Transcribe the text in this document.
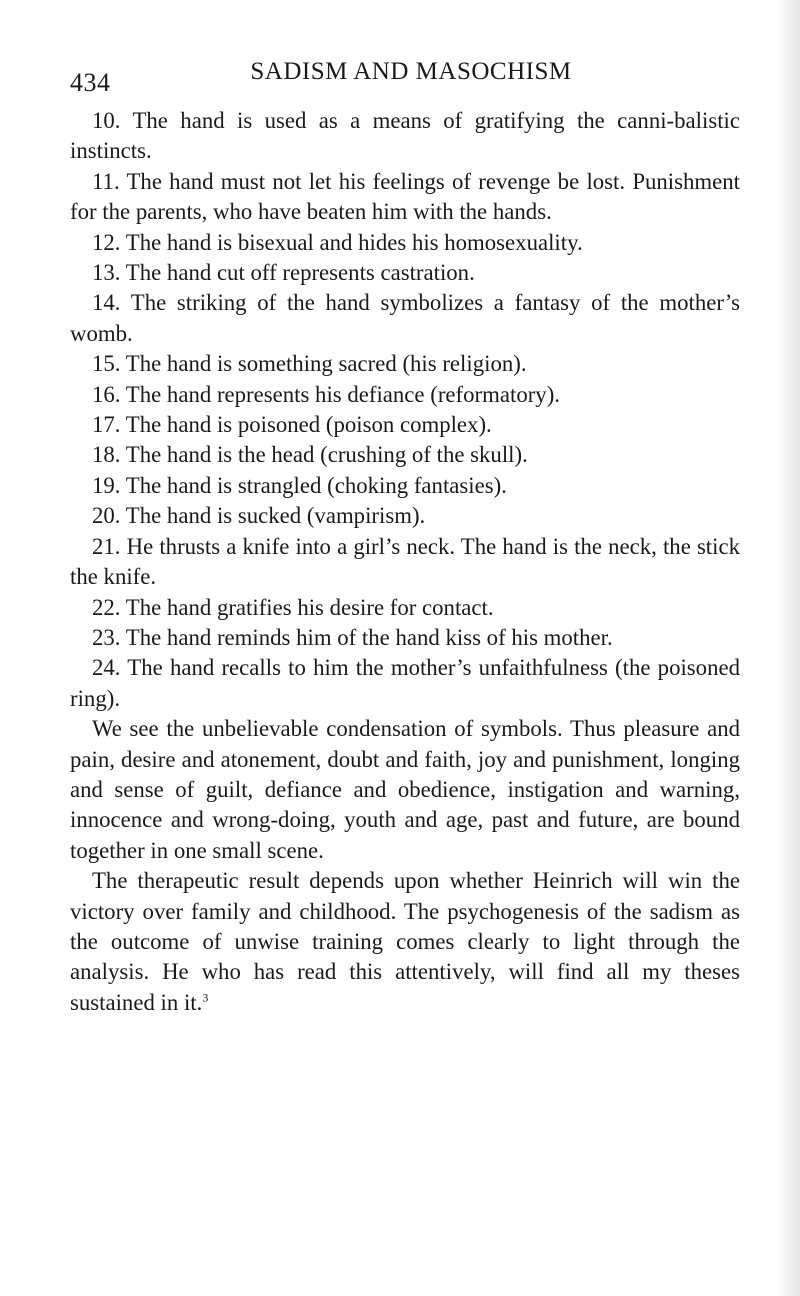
434	SADISM AND MASOCHISM

10. The hand is used as a means of gratifying the canni-balistic instincts.

11. The hand must not let his feelings of revenge be lost. Punishment for the parents, who have beaten him with the hands.

12. The hand is bisexual and hides his homosexuality.

13. The hand cut off represents castration.

14. The striking of the hand symbolizes a fantasy of the mother’s womb.

15. The hand is something sacred (his religion).

16. The hand represents his defiance (reformatory).

17. The hand is poisoned (poison complex).

18. The hand is the head (crushing of the skull).

19. The hand is strangled (choking fantasies).

20. The hand is sucked (vampirism).

21. He thrusts a knife into a girl’s neck. The hand is the neck, the stick the knife.

22. The hand gratifies his desire for contact.

23. The hand reminds him of the hand kiss of his mother.

24. The hand recalls to him the mother’s unfaithfulness (the poisoned ring).

We see the unbelievable condensation of symbols. Thus pleasure and pain, desire and atonement, doubt and faith, joy and punishment, longing and sense of guilt, defiance and obedience, instigation and warning, innocence and wrong-doing, youth and age, past and future, are bound together in one small scene.

The therapeutic result depends upon whether Heinrich will win the victory over family and childhood. The psychogenesis of the sadism as the outcome of unwise training comes clearly to light through the analysis. He who has read this attentively, will find all my theses sustained in it.$^3$
